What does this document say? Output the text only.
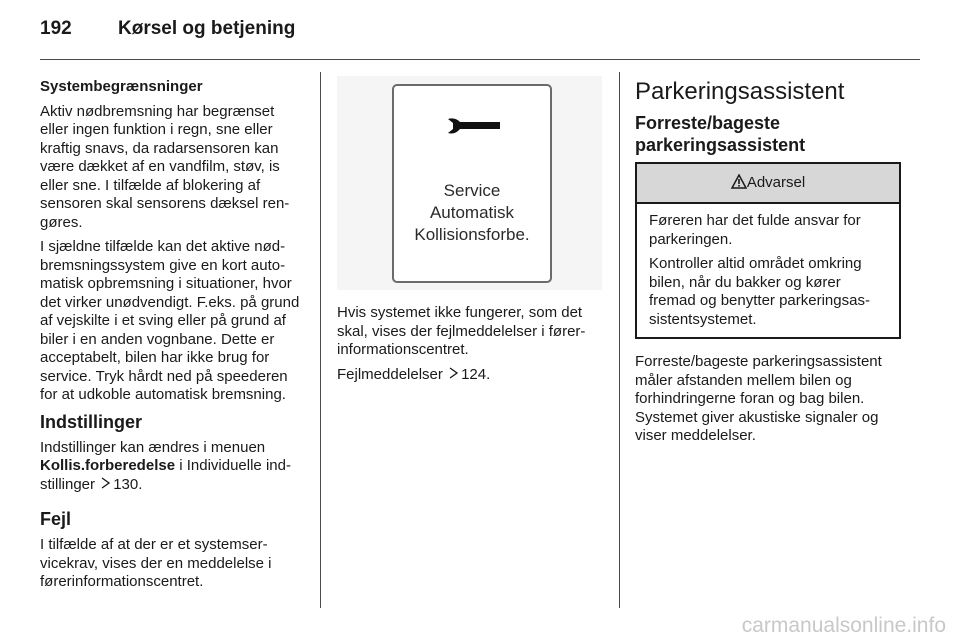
192 Kørsel og betjening

Systembegrænsninger

Aktiv nødbremsning har begrænset eller ingen funktion i regn, sne eller kraftig snavs, da radarsensoren kan være dækket af en vandfilm, støv, is eller sne. I tilfælde af blokering af sensoren skal sensorens dæksel rengøres.

I sjældne tilfælde kan det aktive nødbremsningssystem give en kort automatisk opbremsning i situationer, hvor det virker unødvendigt. F.eks. på grund af vejskilte i et sving eller på grund af biler i en anden vognbane. Dette er acceptabelt, bilen har ikke brug for service. Tryk hårdt ned på speederen for at udkoble automatisk bremsning.

Indstillinger

Indstillinger kan ændres i menuen
Kollis.forberedelse i Individuelle indstillinger 130.

Fejl

I tilfælde af at der er et systemservicekrav, vises der en meddelelse i førerinformationscentret.

Service
Automatisk
Kollisionsforbe.

Hvis systemet ikke fungerer, som det skal, vises der fejlmeddelelser i førerinformationscentret.

Fejlmeddelelser 124.

Parkeringsassistent

Forreste/bageste parkeringsassistent

Advarsel

Føreren har det fulde ansvar for parkeringen.

Kontroller altid området omkring bilen, når du bakker og kører fremad og benytter parkeringsassistentsystemet.

Forreste/bageste parkeringsassistent måler afstanden mellem bilen og forhindringerne foran og bag bilen. Systemet giver akustiske signaler og viser meddelelser.

carmanualsonline.info
